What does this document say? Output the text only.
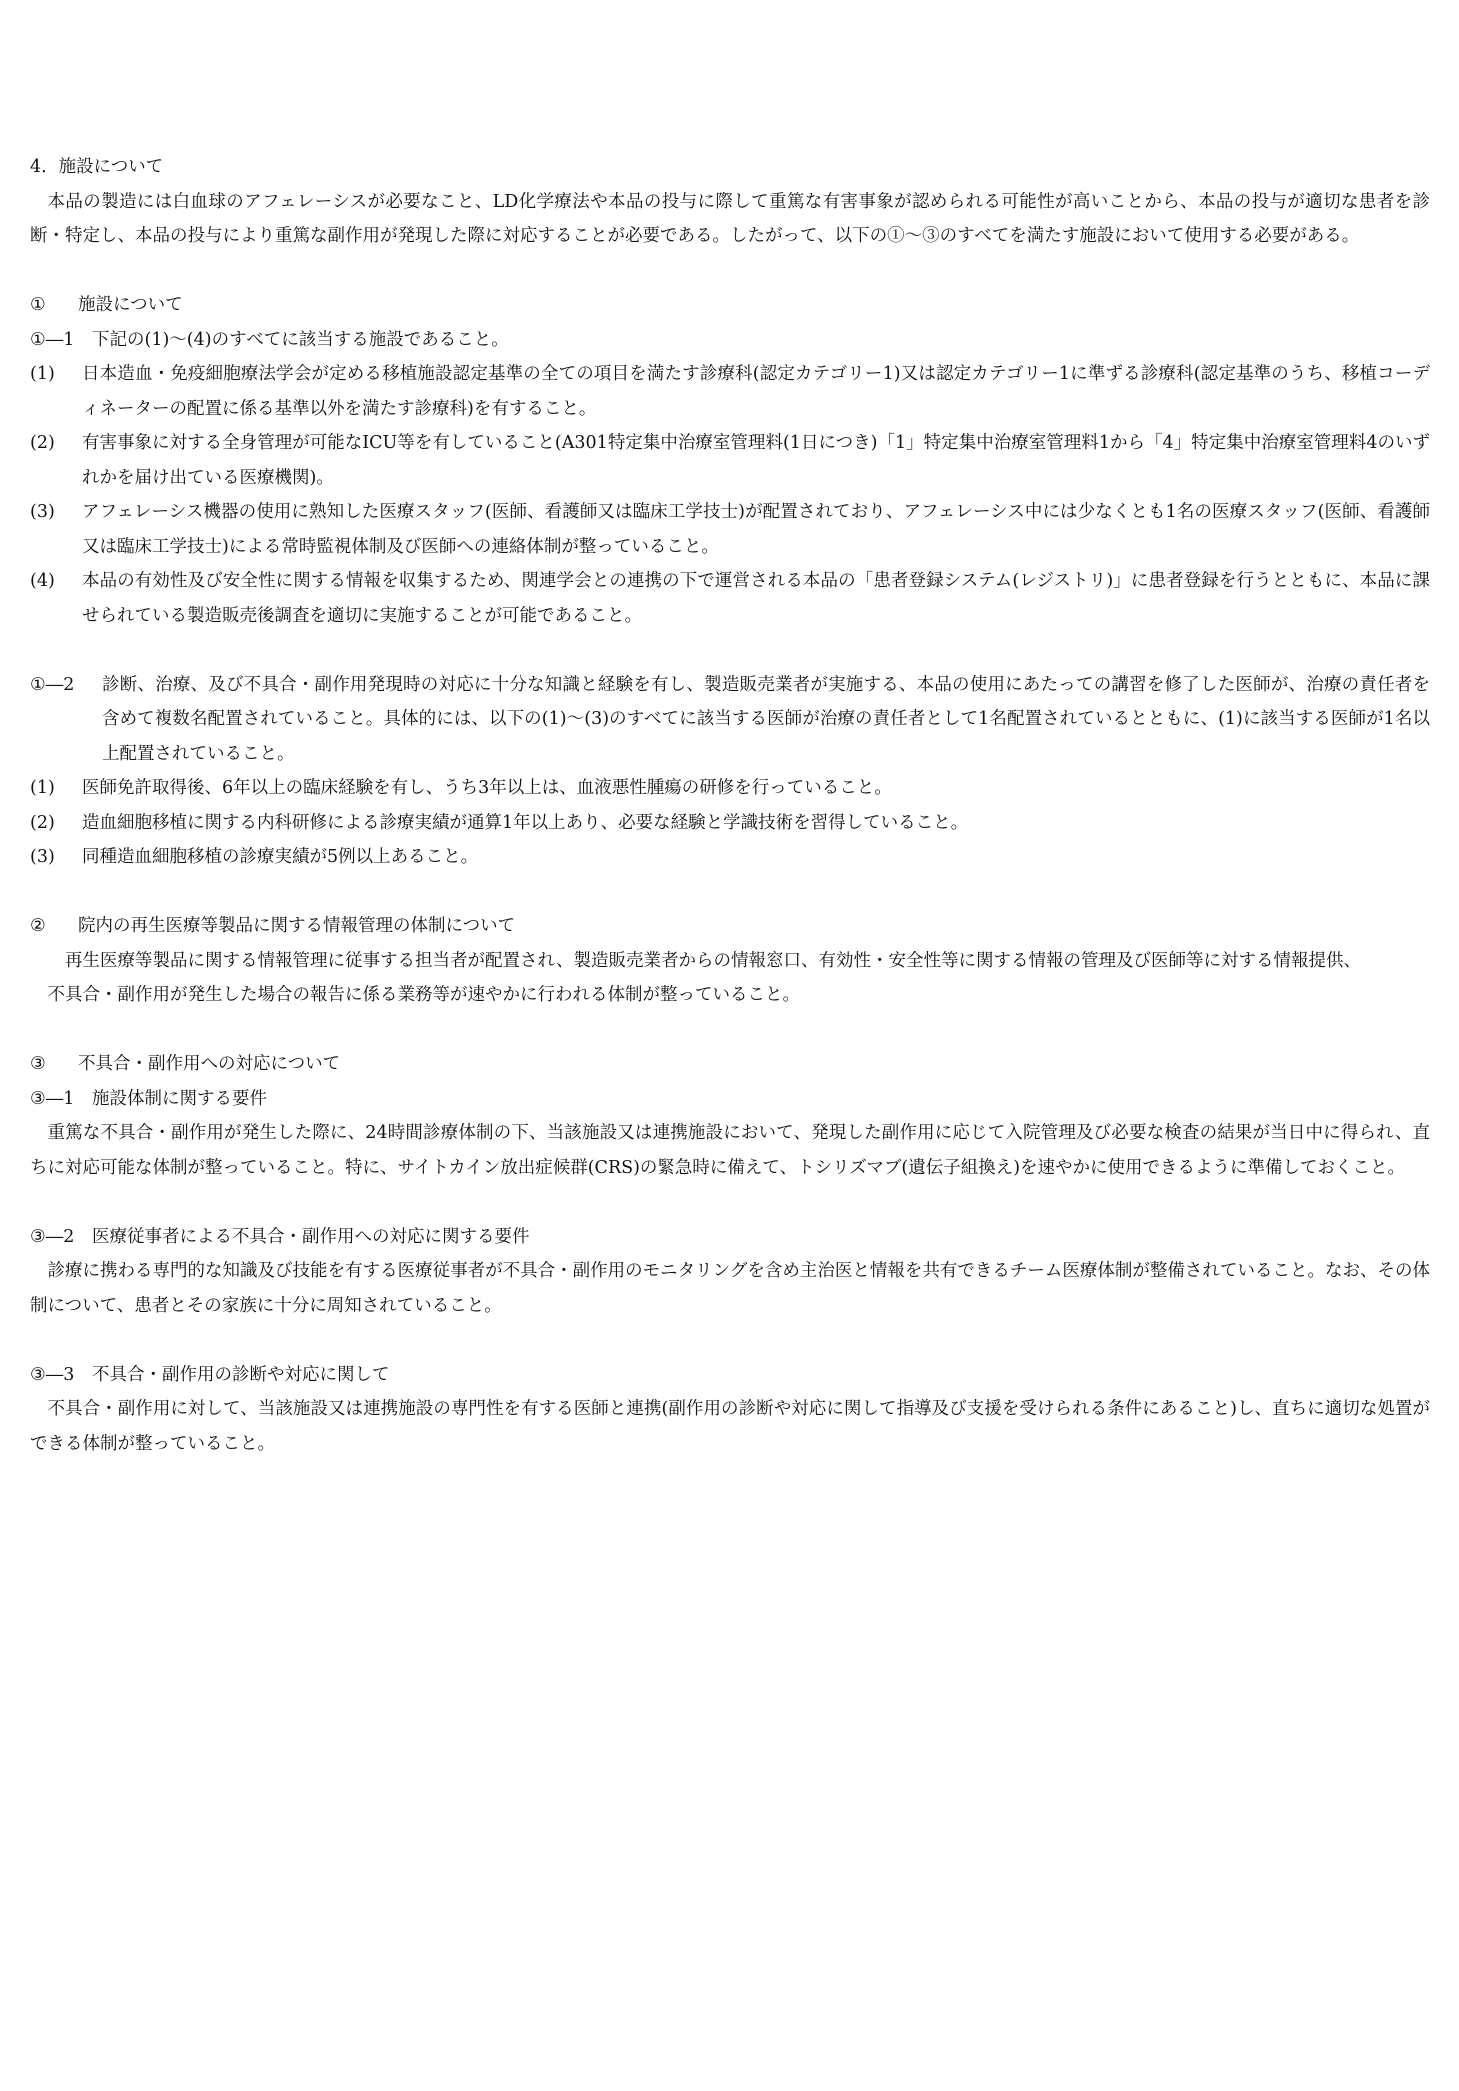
4．施設について

本品の製造には白血球のアフェレーシスが必要なこと、LD化学療法や本品の投与に際して重篤な有害事象が認められる可能性が高いことから、本品の投与が適切な患者を診断・特定し、本品の投与により重篤な副作用が発現した際に対応することが必要である。したがって、以下の①～③のすべてを満たす施設において使用する必要がある。

①	施設について
①―1	下記の(1)～(4)のすべてに該当する施設であること。
(1)	日本造血・免疫細胞療法学会が定める移植施設認定基準の全ての項目を満たす診療科(認定カテゴリー1)又は認定カテゴリー1に準ずる診療科(認定基準のうち、移植コーディネーターの配置に係る基準以外を満たす診療科)を有すること。
(2)	有害事象に対する全身管理が可能なICU等を有していること(A301特定集中治療室管理料(1日につき)「1」特定集中治療室管理料1から「4」特定集中治療室管理料4のいずれかを届け出ている医療機関)。
(3)	アフェレーシス機器の使用に熟知した医療スタッフ(医師、看護師又は臨床工学技士)が配置されており、アフェレーシス中には少なくとも1名の医療スタッフ(医師、看護師又は臨床工学技士)による常時監視体制及び医師への連絡体制が整っていること。
(4)	本品の有効性及び安全性に関する情報を収集するため、関連学会との連携の下で運営される本品の「患者登録システム(レジストリ)」に患者登録を行うとともに、本品に課せられている製造販売後調査を適切に実施することが可能であること。
①―2	診断、治療、及び不具合・副作用発現時の対応に十分な知識と経験を有し、製造販売業者が実施する、本品の使用にあたっての講習を修了した医師が、治療の責任者を含めて複数名配置されていること。具体的には、以下の(1)～(3)のすべてに該当する医師が治療の責任者として1名配置されているとともに、(1)に該当する医師が1名以上配置されていること。
(1)	医師免許取得後、6年以上の臨床経験を有し、うち3年以上は、血液悪性腫瘍の研修を行っていること。
(2)	造血細胞移植に関する内科研修による診療実績が通算1年以上あり、必要な経験と学識技術を習得していること。
(3)	同種造血細胞移植の診療実績が5例以上あること。
②	院内の再生医療等製品に関する情報管理の体制について

再生医療等製品に関する情報管理に従事する担当者が配置され、製造販売業者からの情報窓口、有効性・安全性等に関する情報の管理及び医師等に対する情報提供、

不具合・副作用が発生した場合の報告に係る業務等が速やかに行われる体制が整っていること。

③	不具合・副作用への対応について
③―1	施設体制に関する要件

重篤な不具合・副作用が発生した際に、24時間診療体制の下、当該施設又は連携施設において、発現した副作用に応じて入院管理及び必要な検査の結果が当日中に得られ、直ちに対応可能な体制が整っていること。特に、サイトカイン放出症候群(CRS)の緊急時に備えて、トシリズマブ(遺伝子組換え)を速やかに使用できるように準備しておくこと。

③―2	医療従事者による不具合・副作用への対応に関する要件

診療に携わる専門的な知識及び技能を有する医療従事者が不具合・副作用のモニタリングを含め主治医と情報を共有できるチーム医療体制が整備されていること。なお、その体制について、患者とその家族に十分に周知されていること。

③―3	不具合・副作用の診断や対応に関して

不具合・副作用に対して、当該施設又は連携施設の専門性を有する医師と連携(副作用の診断や対応に関して指導及び支援を受けられる条件にあること)し、直ちに適切な処置ができる体制が整っていること。
